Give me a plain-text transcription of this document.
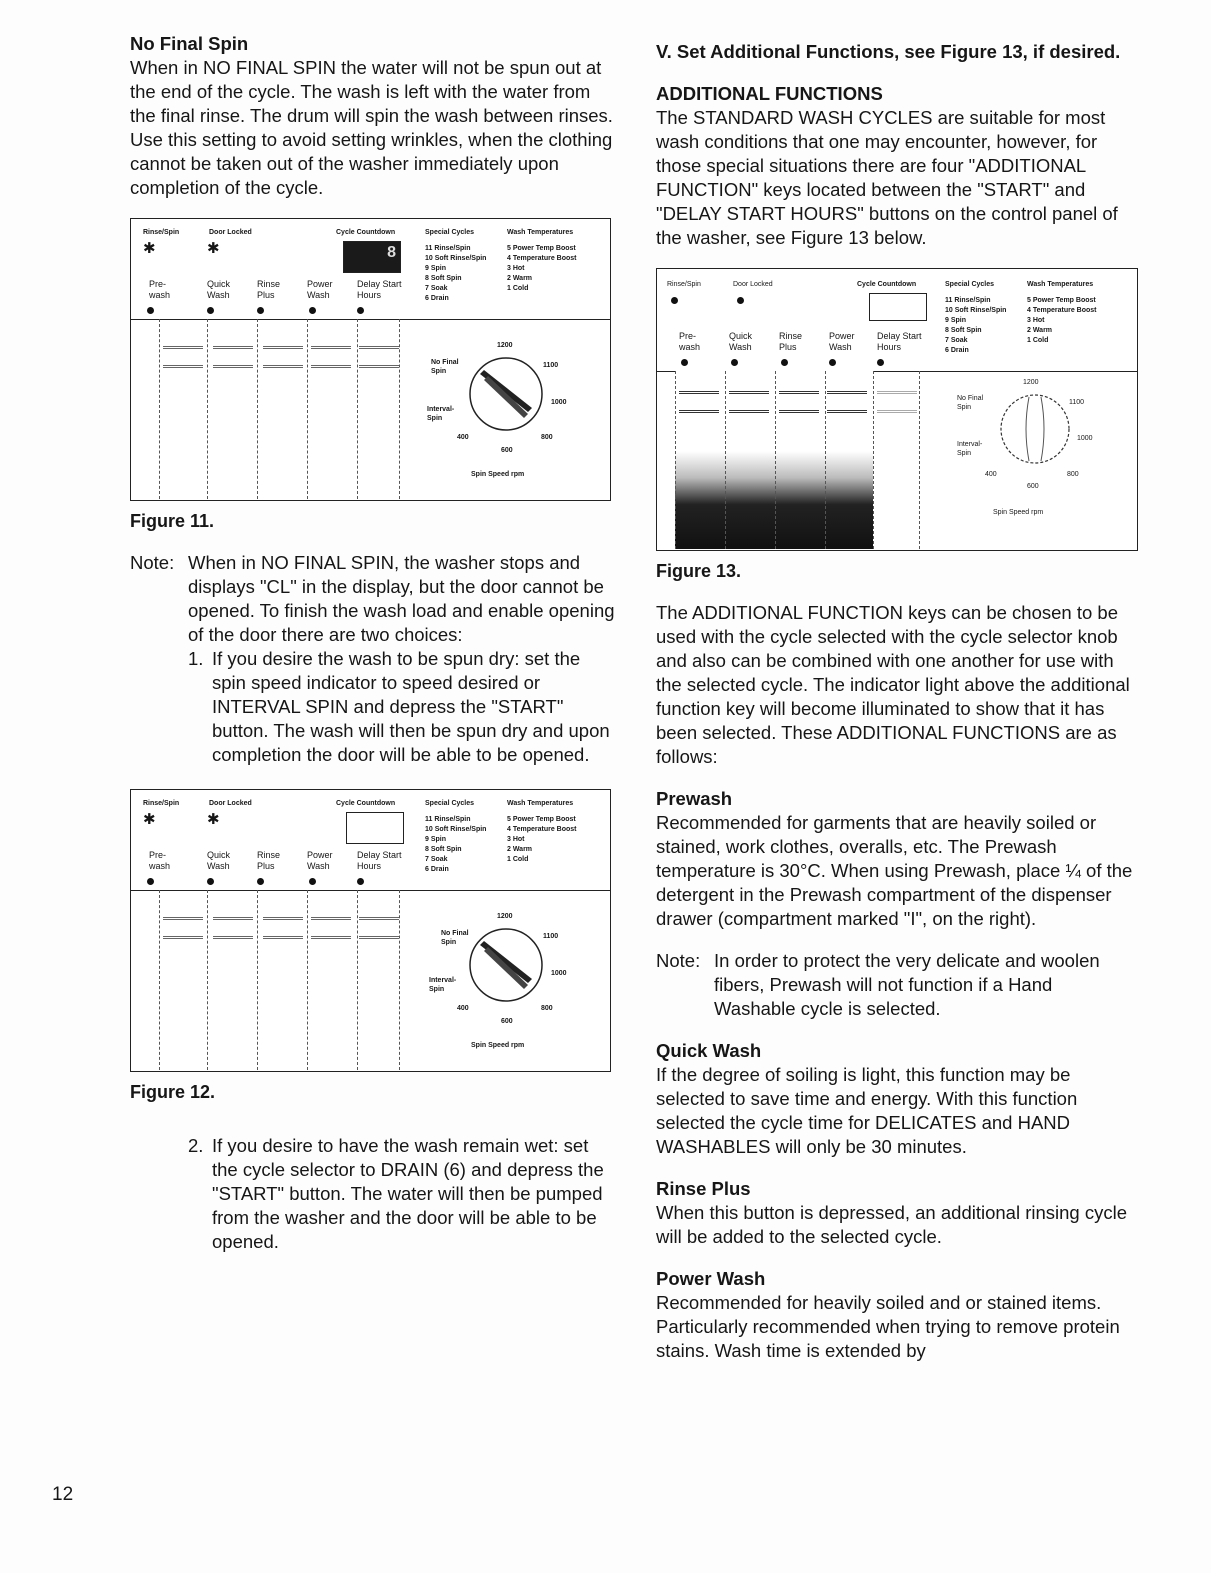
No Final Spin

When in NO FINAL SPIN the water will not be spun out at the end of the cycle. The wash is left with the water from the final rinse. The drum will spin the wash between rinses. Use this setting to avoid setting wrinkles, when the clothing cannot be taken out of the washer immediately upon completion of the cycle.

Rinse/Spin	Door Locked
✱	✱
Cycle Countdown
8
Pre-
wash
Quick
Wash
Rinse
Plus
Power
Wash
Delay Start
Hours
Special Cycles
11 Rinse/Spin
10 Soft Rinse/Spin
9 Spin
8 Soft Spin
7 Soak
6 Drain
Wash Temperatures
5 Power Temp Boost
4 Temperature Boost
3 Hot
2 Warm
1 Cold
No Final
Spin
Interval-
Spin
1200
1100
1000
800
600
400
Spin Speed rpm

Figure 11.

Note: When in NO FINAL SPIN, the washer stops and displays "CL" in the display, but the door cannot be opened. To finish the wash load and enable opening of the door there are two choices:
1. If you desire the wash to be spun dry: set the spin speed indicator to speed desired or INTERVAL SPIN and depress the "START" button. The wash will then be spun dry and upon completion the door will be able to be opened.
Rinse/Spin	Door Locked
✱	✱
Cycle Countdown
Pre-
wash
Quick
Wash
Rinse
Plus
Power
Wash
Delay Start
Hours
Special Cycles
11 Rinse/Spin
10 Soft Rinse/Spin
9 Spin
8 Soft Spin
7 Soak
6 Drain
Wash Temperatures
5 Power Temp Boost
4 Temperature Boost
3 Hot
2 Warm
1 Cold
No Final
Spin
Interval-
Spin
1200
1100
1000
800
600
400
Spin Speed rpm

Figure 12.

2. If you desire to have the wash remain wet: set the cycle selector to DRAIN (6) and depress the "START" button. The water will then be pumped from the washer and the door will be able to be opened.

V. Set Additional Functions, see Figure 13, if desired.

ADDITIONAL FUNCTIONS

The STANDARD WASH CYCLES are suitable for most wash conditions that one may encounter, however, for those special situations there are four "ADDITIONAL FUNCTION" keys located between the "START" and "DELAY START HOURS" buttons on the control panel of the washer, see Figure 13 below.

Rinse/Spin	Door Locked	Cycle Countdown
Pre-
wash
Quick
Wash
Rinse
Plus
Power
Wash
Delay Start
Hours
Special Cycles
11 Rinse/Spin
10 Soft Rinse/Spin
9 Spin
8 Soft Spin
7 Soak
6 Drain
Wash Temperatures
5 Power Temp Boost
4 Temperature Boost
3 Hot
2 Warm
1 Cold
No Final
Spin
Interval-
Spin
1200
1100
1000
800
600
400
Spin Speed rpm

Figure 13.

The ADDITIONAL FUNCTION keys can be chosen to be used with the cycle selected with the cycle selector knob and also can be combined with one another for use with the selected cycle. The indicator light above the additional function key will become illuminated to show that it has been selected. These ADDITIONAL FUNCTIONS are as follows:

Prewash

Recommended for garments that are heavily soiled or stained, work clothes, overalls, etc. The Prewash temperature is 30°C. When using Prewash, place ¼ of the detergent in the Prewash compartment of the dispenser drawer (compartment marked "I", on the right).

Note: In order to protect the very delicate and woolen fibers, Prewash will not function if a Hand Washable cycle is selected.

Quick Wash

If the degree of soiling is light, this function may be selected to save time and energy. With this function selected the cycle time for DELICATES and HAND WASHABLES will only be 30 minutes.

Rinse Plus

When this button is depressed, an additional rinsing cycle will be added to the selected cycle.

Power Wash

Recommended for heavily soiled and or stained items. Particularly recommended when trying to remove protein stains. Wash time is extended by

12
